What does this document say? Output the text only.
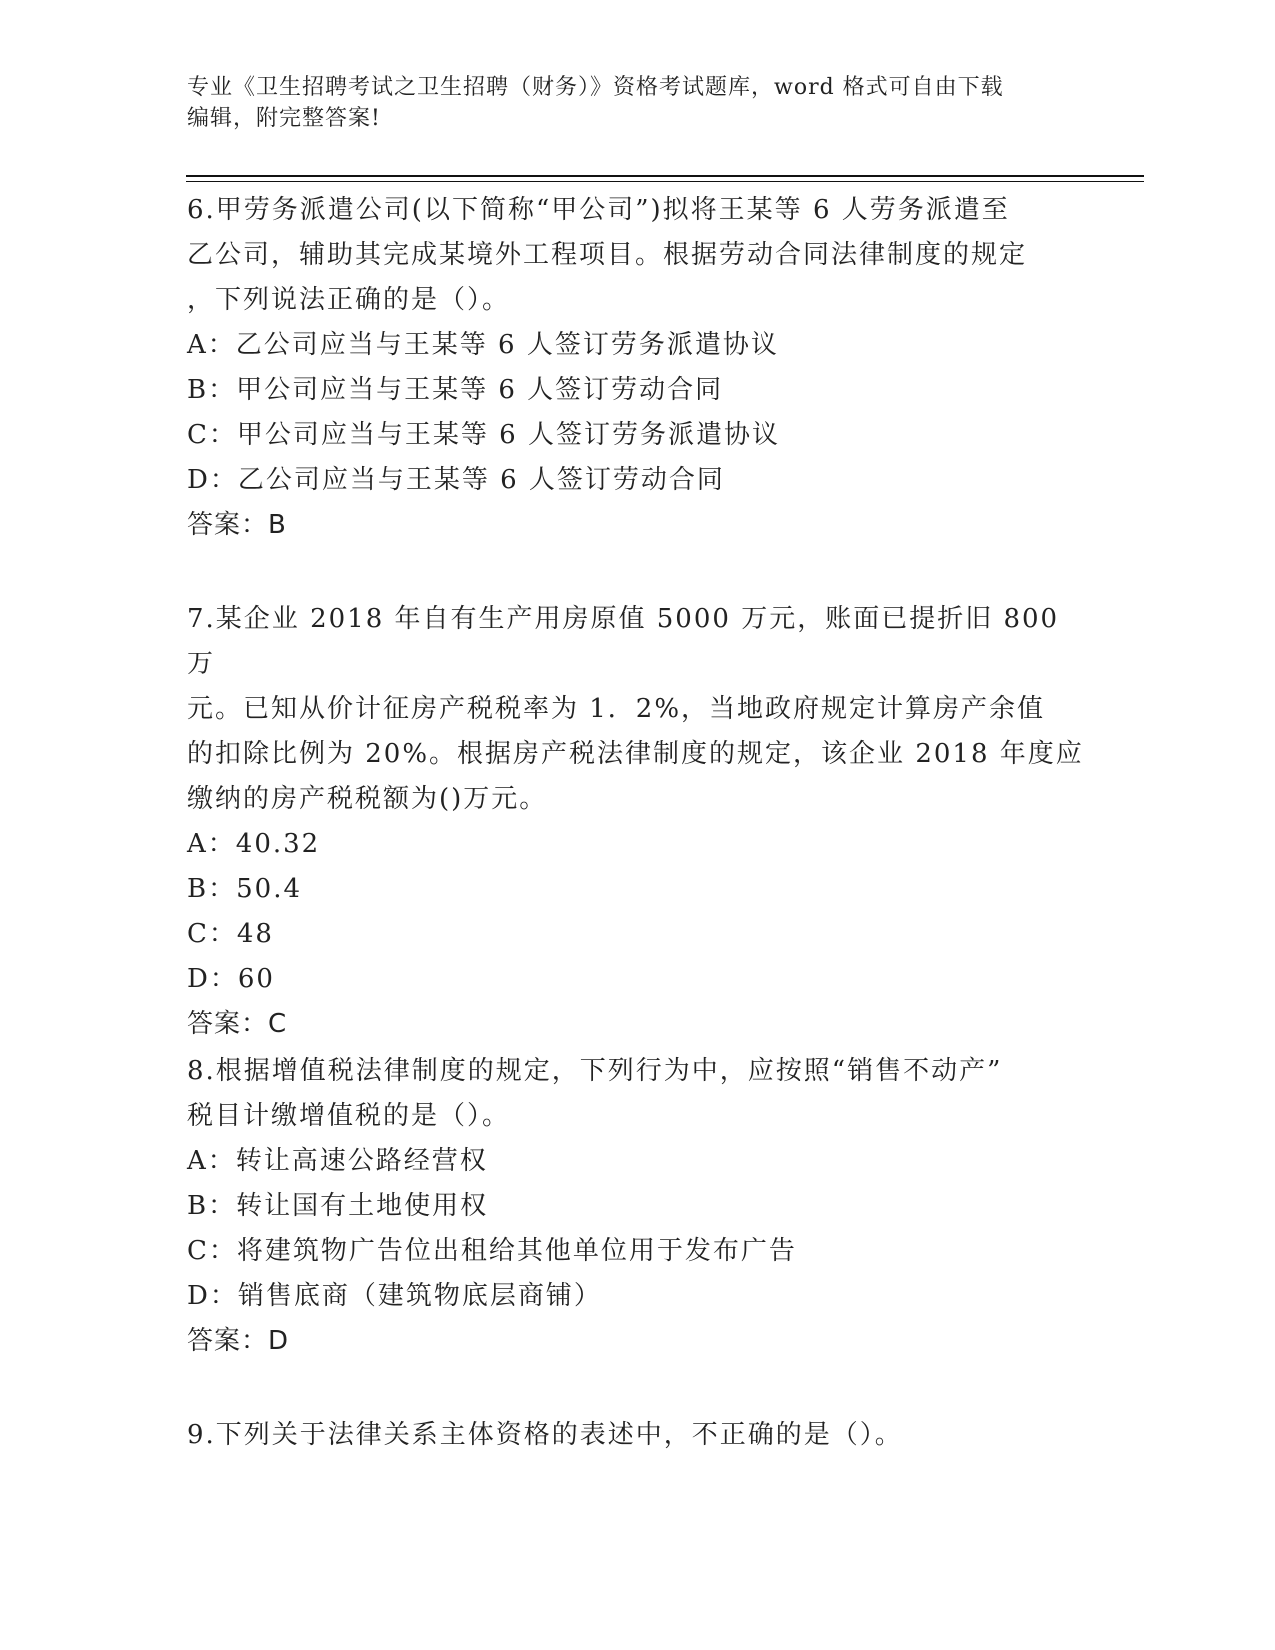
专业《卫生招聘考试之卫生招聘（财务）》资格考试题库，word 格式可自由下载
编辑，附完整答案!

6.甲劳务派遣公司(以下简称“甲公司”)拟将王某等 6 人劳务派遣至

乙公司，辅助其完成某境外工程项目。根据劳动合同法律制度的规定

，下列说法正确的是（）。

A：乙公司应当与王某等 6 人签订劳务派遣协议

B：甲公司应当与王某等 6 人签订劳动合同

C：甲公司应当与王某等 6 人签订劳务派遣协议

D：乙公司应当与王某等 6 人签订劳动合同

答案：B

7.某企业 2018 年自有生产用房原值 5000 万元，账面已提折旧 800 万

元。已知从价计征房产税税率为 1．2%，当地政府规定计算房产余值

的扣除比例为 20%。根据房产税法律制度的规定，该企业 2018 年度应

缴纳的房产税税额为()万元。

A：40.32

B：50.4

C：48

D：60

答案：C

8.根据增值税法律制度的规定，下列行为中，应按照“销售不动产”

税目计缴增值税的是（）。

A：转让高速公路经营权

B：转让国有土地使用权

C：将建筑物广告位出租给其他单位用于发布广告

D：销售底商（建筑物底层商铺）

答案：D

9.下列关于法律关系主体资格的表述中，不正确的是（）。
